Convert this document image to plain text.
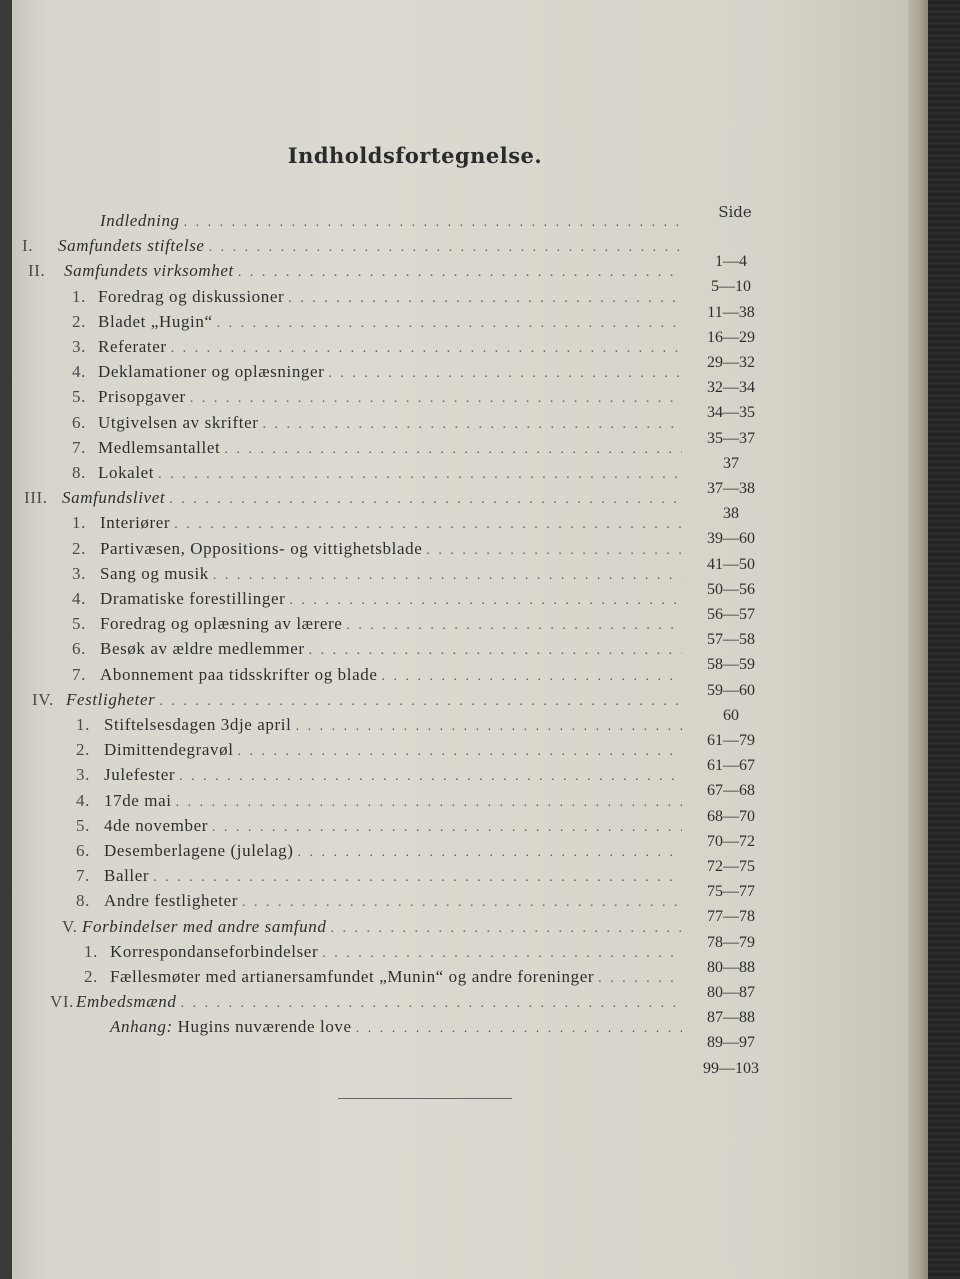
Indholdsfortegnelse.
Side
Indledning
. . .
I.	Samfundets stiftelse
. . .
II.	Samfundets virksomhet
. . .
1. Foredrag og diskussioner
. . .
2. Bladet „Hugin“
. . .
3. Referater
. . .
4. Deklamationer og oplæsninger
. . .
5. Prisopgaver
. . .
6. Utgivelsen av skrifter
. . .
7. Medlemsantallet
. . .
8. Lokalet
. . .
III. Samfundslivet
. . .
1. Interiører
. . .
2. Partivæsen, Oppositions- og vittighetsblade
. . .
3. Sang og musik
. . .
4. Dramatiske forestillinger
. . .
5. Foredrag og oplæsning av lærere
. . .
6. Besøk av ældre medlemmer
. . .
7. Abonnement paa tidsskrifter og blade
. . .
IV. Festligheter
. . .
1. Stiftelsesdagen 3dje april
. . .
2. Dimittendegravøl
. . .
3. Julefester
. . .
4. 17de mai
. . .
5. 4de november
. . .
6. Desemberlagene (julelag)
. . .
7. Baller
. . .
8. Andre festligheter
. . .
V. Forbindelser med andre samfund
. . .
1. Korrespondanseforbindelser
. . .
2. Fællesmøter med artianersamfundet „Munin“ og andre foreninger
. . .
VI. Embedsmænd
. . .
Anhang: Hugins nuværende love
. . .
1—4
5—10
11—38
16—29
29—32
32—34
34—35
35—37
37
37—38
38
39—60
41—50
50—56
56—57
57—58
58—59
59—60
60
61—79
61—67
67—68
68—70
70—72
72—75
75—77
77—78
78—79
80—88
80—87
87—88
89—97
99—103
